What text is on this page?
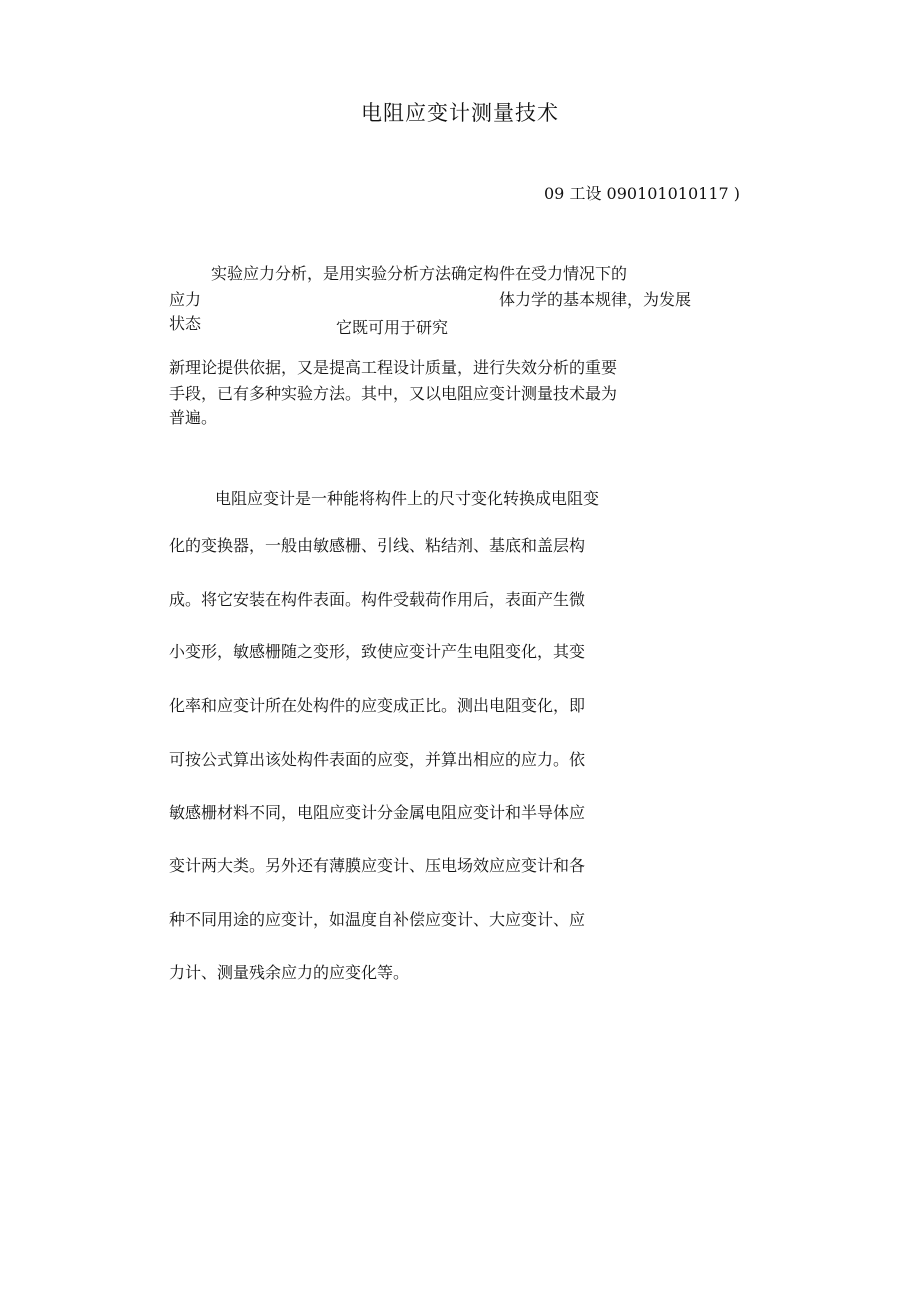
电阻应变计测量技术
09 工设 090101010117 )
实验应力分析，是用实验分析方法确定构件在受力情况下的
应力	体力学的基本规律，为发展
状态	它既可用于研究
新理论提供依据，又是提高工程设计质量，进行失效分析的重要
手段，已有多种实验方法。其中，又以电阻应变计测量技术最为
普遍。
电阻应变计是一种能将构件上的尺寸变化转换成电阻变
化的变换器，一般由敏感栅、引线、粘结剂、基底和盖层构
成。将它安装在构件表面。构件受载荷作用后，表面产生微
小变形，敏感栅随之变形，致使应变计产生电阻变化，其变
化率和应变计所在处构件的应变成正比。测出电阻变化，即
可按公式算出该处构件表面的应变，并算出相应的应力。依
敏感栅材料不同，电阻应变计分金属电阻应变计和半导体应
变计两大类。另外还有薄膜应变计、压电场效应应变计和各
种不同用途的应变计，如温度自补偿应变计、大应变计、应
力计、测量残余应力的应变化等。
